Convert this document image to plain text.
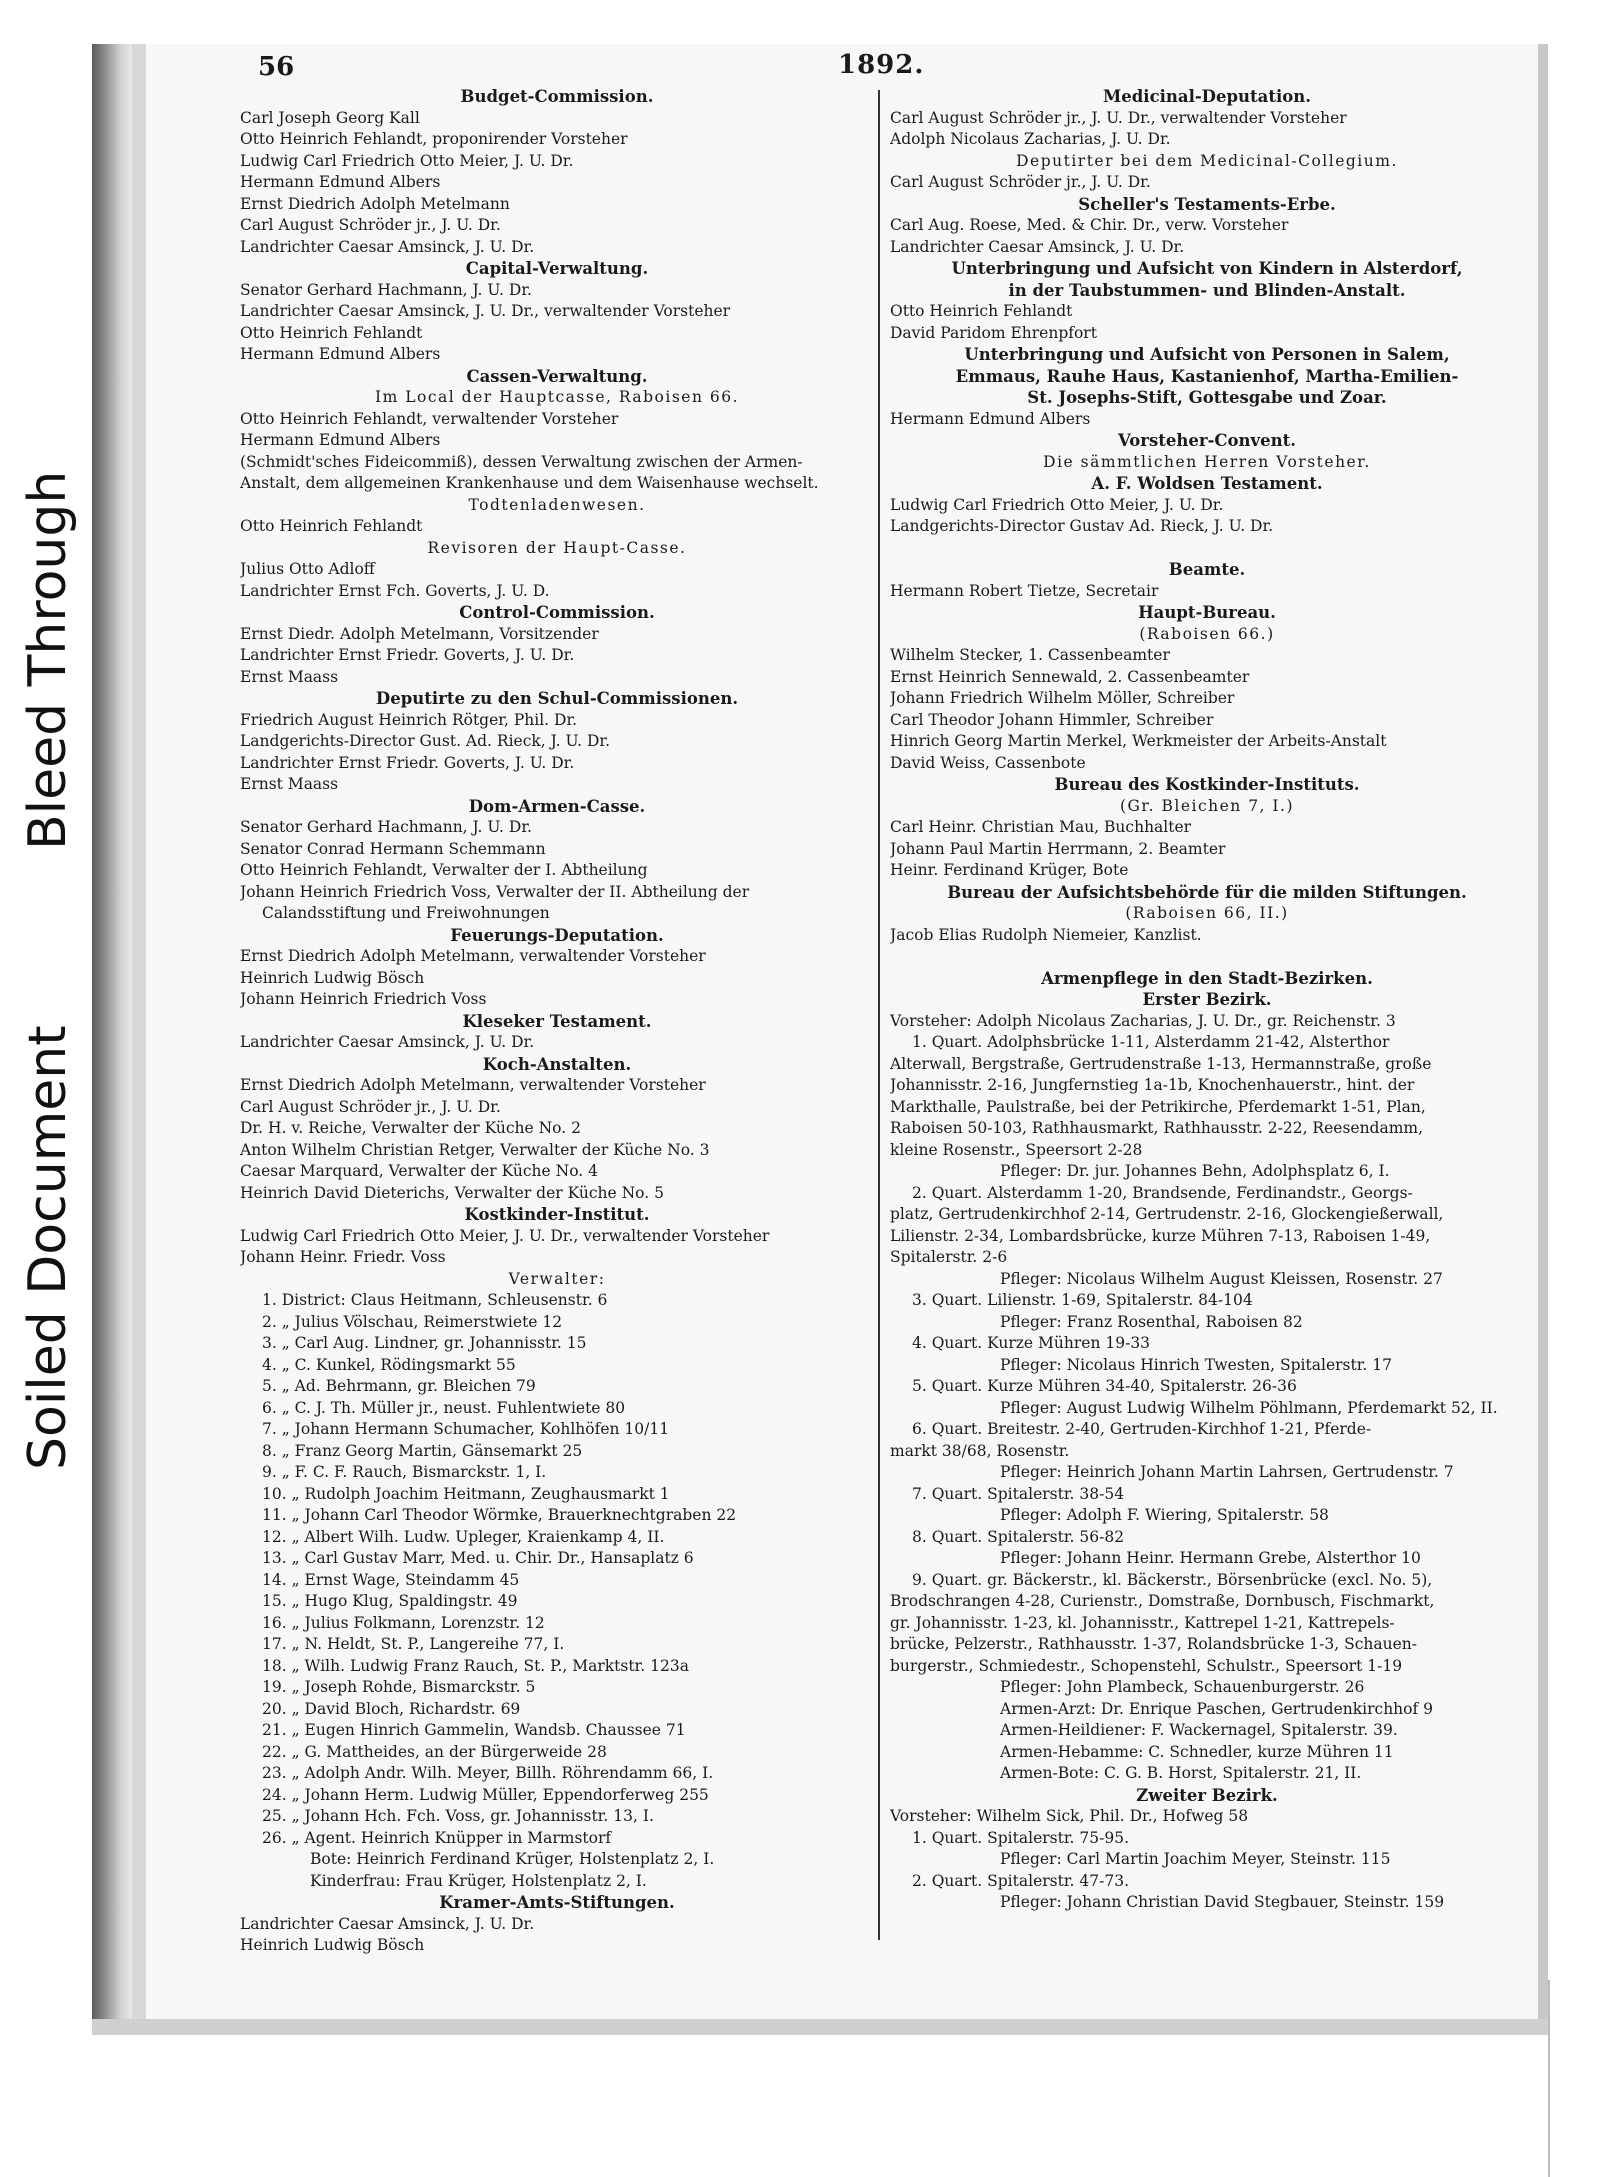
Soiled Document
Bleed Through
56	1892.
Budget-Commission.
Carl Joseph Georg Kall
Otto Heinrich Fehlandt, proponirender Vorsteher
Ludwig Carl Friedrich Otto Meier, J. U. Dr.
Hermann Edmund Albers
Ernst Diedrich Adolph Metelmann
Carl August Schröder jr., J. U. Dr.
Landrichter Caesar Amsinck, J. U. Dr.
Capital-Verwaltung.
Senator Gerhard Hachmann, J. U. Dr.
Landrichter Caesar Amsinck, J. U. Dr., verwaltender Vorsteher
Otto Heinrich Fehlandt
Hermann Edmund Albers
Cassen-Verwaltung.
Im Local der Hauptcasse, Raboisen 66.
Otto Heinrich Fehlandt, verwaltender Vorsteher
Hermann Edmund Albers
(Schmidt'sches Fideicommiß), dessen Verwaltung zwischen der Armen-
Anstalt, dem allgemeinen Krankenhause und dem Waisenhause wechselt.
Todtenladenwesen.
Otto Heinrich Fehlandt
Revisoren der Haupt-Casse.
Julius Otto Adloff
Landrichter Ernst Fch. Goverts, J. U. D.
Control-Commission.
Ernst Diedr. Adolph Metelmann, Vorsitzender
Landrichter Ernst Friedr. Goverts, J. U. Dr.
Ernst Maass
Deputirte zu den Schul-Commissionen.
Friedrich August Heinrich Rötger, Phil. Dr.
Landgerichts-Director Gust. Ad. Rieck, J. U. Dr.
Landrichter Ernst Friedr. Goverts, J. U. Dr.
Ernst Maass
Dom-Armen-Casse.
Senator Gerhard Hachmann, J. U. Dr.
Senator Conrad Hermann Schemmann
Otto Heinrich Fehlandt, Verwalter der I. Abtheilung
Johann Heinrich Friedrich Voss, Verwalter der II. Abtheilung der
Calandsstiftung und Freiwohnungen
Feuerungs-Deputation.
Ernst Diedrich Adolph Metelmann, verwaltender Vorsteher
Heinrich Ludwig Bösch
Johann Heinrich Friedrich Voss
Kleseker Testament.
Landrichter Caesar Amsinck, J. U. Dr.
Koch-Anstalten.
Ernst Diedrich Adolph Metelmann, verwaltender Vorsteher
Carl August Schröder jr., J. U. Dr.
Dr. H. v. Reiche, Verwalter der Küche No. 2
Anton Wilhelm Christian Retger, Verwalter der Küche No. 3
Caesar Marquard, Verwalter der Küche No. 4
Heinrich David Dieterichs, Verwalter der Küche No. 5
Kostkinder-Institut.
Ludwig Carl Friedrich Otto Meier, J. U. Dr., verwaltender Vorsteher
Johann Heinr. Friedr. Voss
Verwalter:
1. District: Claus Heitmann, Schleusenstr. 6
2. „ Julius Völschau, Reimerstwiete 12
3. „ Carl Aug. Lindner, gr. Johannisstr. 15
4. „ C. Kunkel, Rödingsmarkt 55
5. „ Ad. Behrmann, gr. Bleichen 79
6. „ C. J. Th. Müller jr., neust. Fuhlentwiete 80
7. „ Johann Hermann Schumacher, Kohlhöfen 10/11
8. „ Franz Georg Martin, Gänsemarkt 25
9. „ F. C. F. Rauch, Bismarckstr. 1, I.
10. „ Rudolph Joachim Heitmann, Zeughausmarkt 1
11. „ Johann Carl Theodor Wörmke, Brauerknechtgraben 22
12. „ Albert Wilh. Ludw. Upleger, Kraienkamp 4, II.
13. „ Carl Gustav Marr, Med. u. Chir. Dr., Hansaplatz 6
14. „ Ernst Wage, Steindamm 45
15. „ Hugo Klug, Spaldingstr. 49
16. „ Julius Folkmann, Lorenzstr. 12
17. „ N. Heldt, St. P., Langereihe 77, I.
18. „ Wilh. Ludwig Franz Rauch, St. P., Marktstr. 123a
19. „ Joseph Rohde, Bismarckstr. 5
20. „ David Bloch, Richardstr. 69
21. „ Eugen Hinrich Gammelin, Wandsb. Chaussee 71
22. „ G. Mattheides, an der Bürgerweide 28
23. „ Adolph Andr. Wilh. Meyer, Billh. Röhrendamm 66, I.
24. „ Johann Herm. Ludwig Müller, Eppendorferweg 255
25. „ Johann Hch. Fch. Voss, gr. Johannisstr. 13, I.
26. „ Agent. Heinrich Knüpper in Marmstorf
Bote: Heinrich Ferdinand Krüger, Holstenplatz 2, I.
Kinderfrau: Frau Krüger, Holstenplatz 2, I.
Kramer-Amts-Stiftungen.
Landrichter Caesar Amsinck, J. U. Dr.
Heinrich Ludwig Bösch
Medicinal-Deputation.
Carl August Schröder jr., J. U. Dr., verwaltender Vorsteher
Adolph Nicolaus Zacharias, J. U. Dr.
Deputirter bei dem Medicinal-Collegium.
Carl August Schröder jr., J. U. Dr.
Scheller's Testaments-Erbe.
Carl Aug. Roese, Med. & Chir. Dr., verw. Vorsteher
Landrichter Caesar Amsinck, J. U. Dr.
Unterbringung und Aufsicht von Kindern in Alsterdorf,
in der Taubstummen- und Blinden-Anstalt.
Otto Heinrich Fehlandt
David Paridom Ehrenpfort
Unterbringung und Aufsicht von Personen in Salem,
Emmaus, Rauhe Haus, Kastanienhof, Martha-Emilien-
St. Josephs-Stift, Gottesgabe und Zoar.
Hermann Edmund Albers
Vorsteher-Convent.
Die sämmtlichen Herren Vorsteher.
A. F. Woldsen Testament.
Ludwig Carl Friedrich Otto Meier, J. U. Dr.
Landgerichts-Director Gustav Ad. Rieck, J. U. Dr.

Beamte.
Hermann Robert Tietze, Secretair
Haupt-Bureau.
(Raboisen 66.)
Wilhelm Stecker, 1. Cassenbeamter
Ernst Heinrich Sennewald, 2. Cassenbeamter
Johann Friedrich Wilhelm Möller, Schreiber
Carl Theodor Johann Himmler, Schreiber
Hinrich Georg Martin Merkel, Werkmeister der Arbeits-Anstalt
David Weiss, Cassenbote
Bureau des Kostkinder-Instituts.
(Gr. Bleichen 7, I.)
Carl Heinr. Christian Mau, Buchhalter
Johann Paul Martin Herrmann, 2. Beamter
Heinr. Ferdinand Krüger, Bote
Bureau der Aufsichtsbehörde für die milden Stiftungen.
(Raboisen 66, II.)
Jacob Elias Rudolph Niemeier, Kanzlist.

Armenpflege in den Stadt-Bezirken.
Erster Bezirk.
Vorsteher: Adolph Nicolaus Zacharias, J. U. Dr., gr. Reichenstr. 3
1. Quart. Adolphsbrücke 1-11, Alsterdamm 21-42, Alsterthor
Alterwall, Bergstraße, Gertrudenstraße 1-13, Hermannstraße, große
Johannisstr. 2-16, Jungfernstieg 1a-1b, Knochenhauerstr., hint. der
Markthalle, Paulstraße, bei der Petrikirche, Pferdemarkt 1-51, Plan,
Raboisen 50-103, Rathhausmarkt, Rathhausstr. 2-22, Reesendamm,
kleine Rosenstr., Speersort 2-28
Pfleger: Dr. jur. Johannes Behn, Adolphsplatz 6, I.
2. Quart. Alsterdamm 1-20, Brandsende, Ferdinandstr., Georgs-
platz, Gertrudenkirchhof 2-14, Gertrudenstr. 2-16, Glockengießerwall,
Lilienstr. 2-34, Lombardsbrücke, kurze Mühren 7-13, Raboisen 1-49,
Spitalerstr. 2-6
Pfleger: Nicolaus Wilhelm August Kleissen, Rosenstr. 27
3. Quart. Lilienstr. 1-69, Spitalerstr. 84-104
Pfleger: Franz Rosenthal, Raboisen 82
4. Quart. Kurze Mühren 19-33
Pfleger: Nicolaus Hinrich Twesten, Spitalerstr. 17
5. Quart. Kurze Mühren 34-40, Spitalerstr. 26-36
Pfleger: August Ludwig Wilhelm Pöhlmann, Pferdemarkt 52, II.
6. Quart. Breitestr. 2-40, Gertruden-Kirchhof 1-21, Pferde-
markt 38/68, Rosenstr.
Pfleger: Heinrich Johann Martin Lahrsen, Gertrudenstr. 7
7. Quart. Spitalerstr. 38-54
Pfleger: Adolph F. Wiering, Spitalerstr. 58
8. Quart. Spitalerstr. 56-82
Pfleger: Johann Heinr. Hermann Grebe, Alsterthor 10
9. Quart. gr. Bäckerstr., kl. Bäckerstr., Börsenbrücke (excl. No. 5),
Brodschrangen 4-28, Curienstr., Domstraße, Dornbusch, Fischmarkt,
gr. Johannisstr. 1-23, kl. Johannisstr., Kattrepel 1-21, Kattrepels-
brücke, Pelzerstr., Rathhausstr. 1-37, Rolandsbrücke 1-3, Schauen-
burgerstr., Schmiedestr., Schopenstehl, Schulstr., Speersort 1-19
Pfleger: John Plambeck, Schauenburgerstr. 26
Armen-Arzt: Dr. Enrique Paschen, Gertrudenkirchhof 9
Armen-Heildiener: F. Wackernagel, Spitalerstr. 39.
Armen-Hebamme: C. Schnedler, kurze Mühren 11
Armen-Bote: C. G. B. Horst, Spitalerstr. 21, II.
Zweiter Bezirk.
Vorsteher: Wilhelm Sick, Phil. Dr., Hofweg 58
1. Quart. Spitalerstr. 75-95.
Pfleger: Carl Martin Joachim Meyer, Steinstr. 115
2. Quart. Spitalerstr. 47-73.
Pfleger: Johann Christian David Stegbauer, Steinstr. 159
